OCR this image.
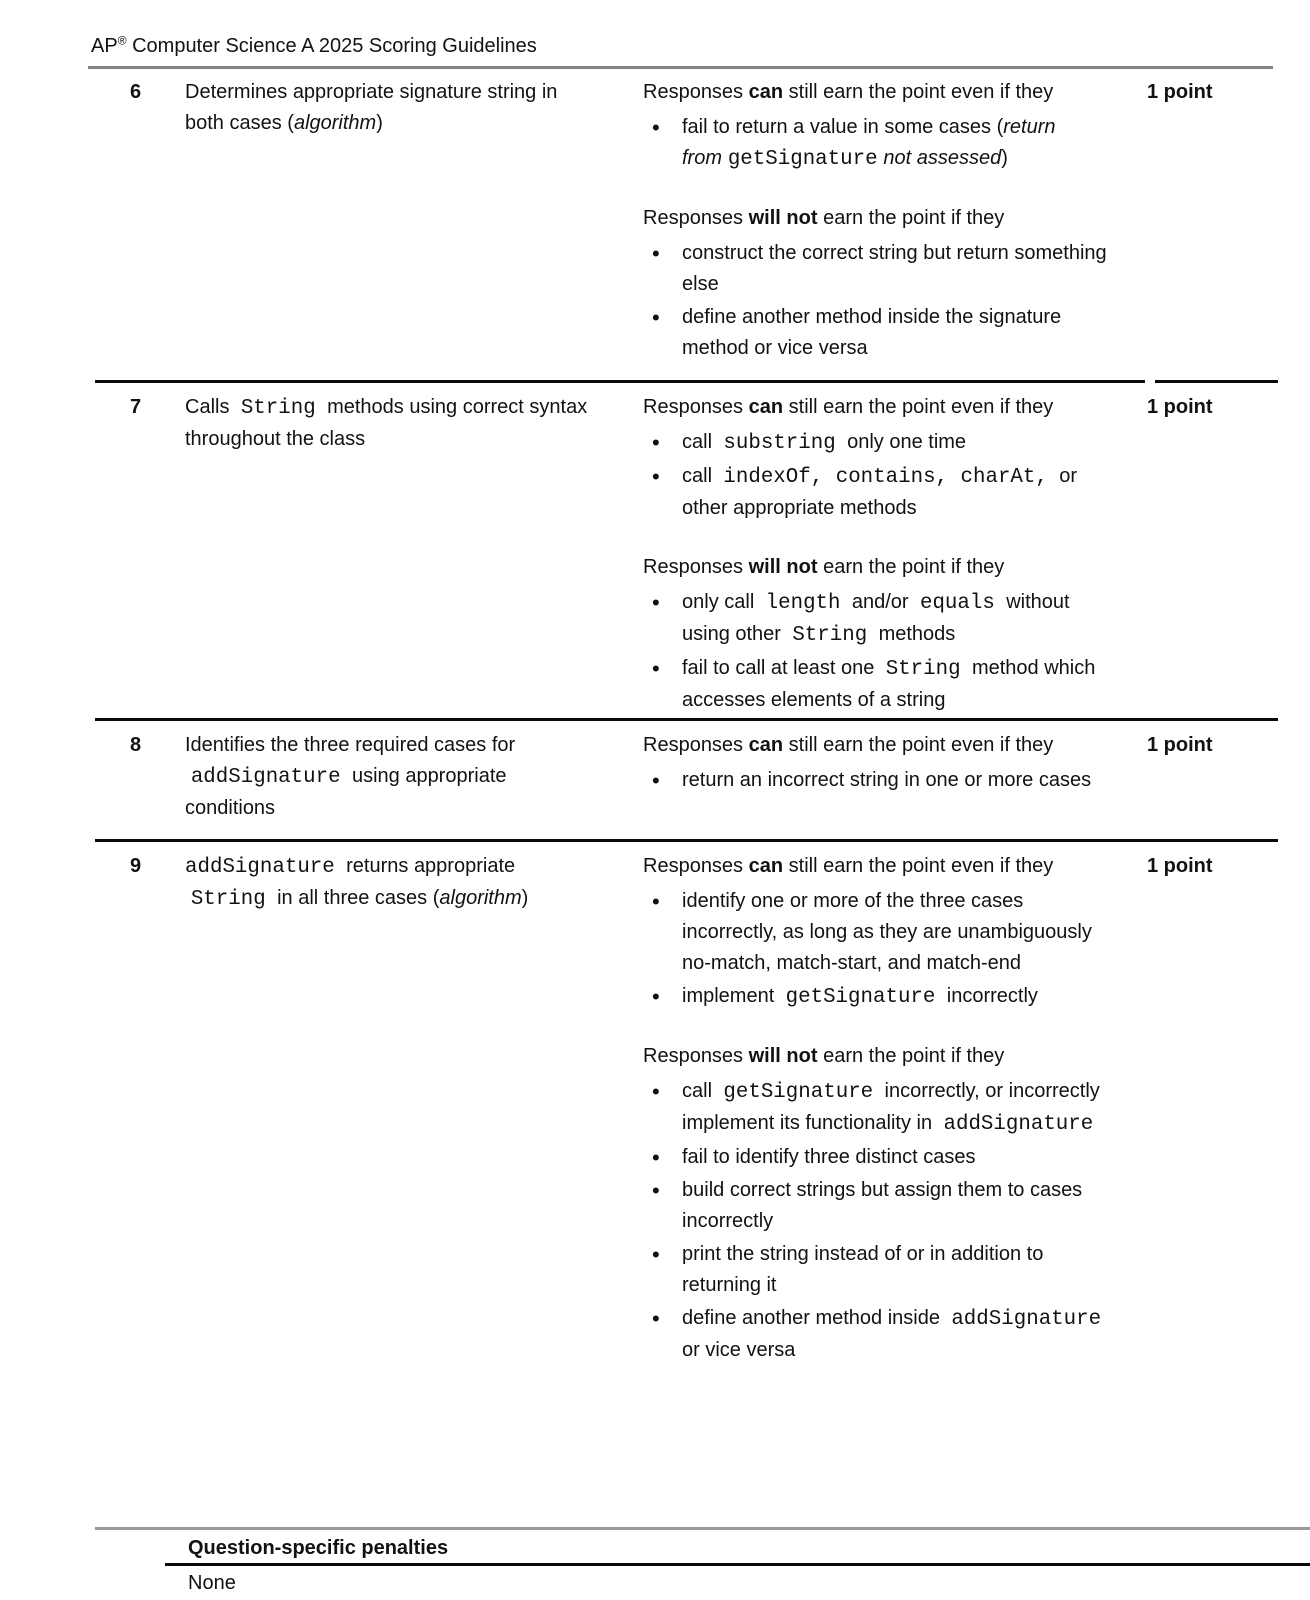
AP® Computer Science A 2025 Scoring Guidelines
6	Determines appropriate signature string in both cases (algorithm)

Responses can still earn the point even if they

• fail to return a value in some cases (return from getSignature not assessed)

Responses will not earn the point if they

• construct the correct string but return something else
• define another method inside the signature method or vice versa
1 point
7	Calls String methods using correct syntax throughout the class

Responses can still earn the point even if they

• call substring only one time
• call indexOf, contains, charAt, or other appropriate methods

Responses will not earn the point if they

• only call length and/or equals without using other String methods
• fail to call at least one String method which accesses elements of a string
1 point
8	Identifies the three required cases for addSignature using appropriate conditions

Responses can still earn the point even if they

• return an incorrect string in one or more cases
1 point
9	addSignature returns appropriate String in all three cases (algorithm)

Responses can still earn the point even if they

• identify one or more of the three cases incorrectly, as long as they are unambiguously no-match, match-start, and match-end
• implement getSignature incorrectly

Responses will not earn the point if they

• call getSignature incorrectly, or incorrectly implement its functionality in addSignature
• fail to identify three distinct cases
• build correct strings but assign them to cases incorrectly
• print the string instead of or in addition to returning it
• define another method inside addSignature or vice versa
1 point
Question-specific penalties
None
